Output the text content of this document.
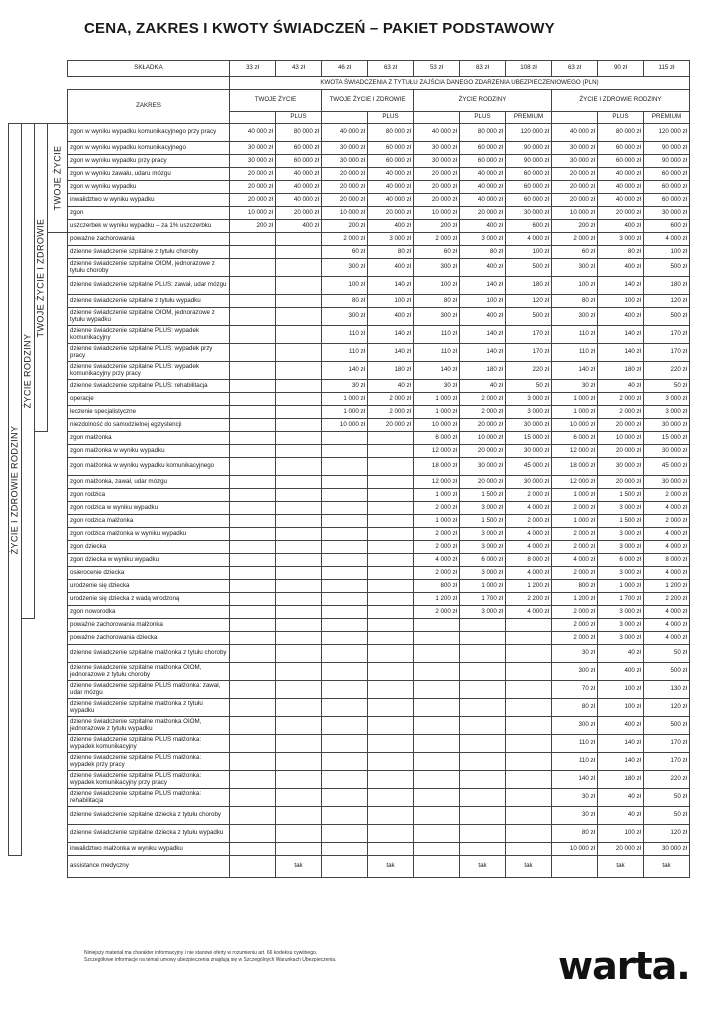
CENA, ZAKRES I KWOTY ŚWIADCZEŃ – PAKIET PODSTAWOWY
				SKŁADKA	33 zł	43 zł	46 zł	63 zł	53 zł	83 zł	108 zł	63 zł	90 zł	115 zł
					KWOTA ŚWIADCZENIA Z TYTUŁU ZAJŚCIA DANEGO ZDARZENIA UBEZPIECZENIOWEGO (PLN)									
				ZAKRES	TWOJE ŻYCIE		TWOJE ŻYCIE I ZDROWIE		ŻYCIE RODZINY			ŻYCIE I ZDROWIE RODZINY		
						PLUS		PLUS		PLUS	PREMIUM		PLUS	PREMIUM

ŻYCIE I ZDROWIE RODZINY	ŻYCIE RODZINY	TWOJE ŻYCIE I ZDROWIE	TWOJE ŻYCIE	zgon w wyniku wypadku komunikacyjnego przy pracy	40 000 zł	80 000 zł	40 000 zł	80 000 zł	40 000 zł	80 000 zł	120 000 zł	40 000 zł	80 000 zł	120 000 zł
				zgon w wyniku wypadku komunikacyjnego	30 000 zł	60 000 zł	30 000 zł	60 000 zł	30 000 zł	60 000 zł	90 000 zł	30 000 zł	60 000 zł	90 000 zł
				zgon w wyniku wypadku przy pracy	30 000 zł	60 000 zł	30 000 zł	60 000 zł	30 000 zł	60 000 zł	90 000 zł	30 000 zł	60 000 zł	90 000 zł
				zgon w wyniku zawału, udaru mózgu	20 000 zł	40 000 zł	20 000 zł	40 000 zł	20 000 zł	40 000 zł	60 000 zł	20 000 zł	40 000 zł	60 000 zł
				zgon w wyniku wypadku	20 000 zł	40 000 zł	20 000 zł	40 000 zł	20 000 zł	40 000 zł	60 000 zł	20 000 zł	40 000 zł	60 000 zł
				inwalidztwo w wyniku wypadku	20 000 zł	40 000 zł	20 000 zł	40 000 zł	20 000 zł	40 000 zł	60 000 zł	20 000 zł	40 000 zł	60 000 zł
				zgon	10 000 zł	20 000 zł	10 000 zł	20 000 zł	10 000 zł	20 000 zł	30 000 zł	10 000 zł	20 000 zł	30 000 zł
				uszczerbek w wyniku wypadku – za 1% uszczerbku	200 zł	400 zł	200 zł	400 zł	200 zł	400 zł	600 zł	200 zł	400 zł	600 zł
				poważne zachorowania			2 000 zł	3 000 zł	2 000 zł	3 000 zł	4 000 zł	2 000 zł	3 000 zł	4 000 zł
				dzienne świadczenie szpitalne z tytułu choroby			60 zł	80 zł	60 zł	80 zł	100 zł	60 zł	80 zł	100 zł
				dzienne świadczenie szpitalne OIOM, jednorazowe z tytułu choroby			300 zł	400 zł	300 zł	400 zł	500 zł	300 zł	400 zł	500 zł
				dzienne świadczenie szpitalne PLUS: zawał, udar mózgu			100 zł	140 zł	100 zł	140 zł	180 zł	100 zł	140 zł	180 zł
				dzienne świadczenie szpitalne z tytułu wypadku			80 zł	100 zł	80 zł	100 zł	120 zł	80 zł	100 zł	120 zł
				dzienne świadczenie szpitalne OIOM, jednorazowe z tytułu wypadku			300 zł	400 zł	300 zł	400 zł	500 zł	300 zł	400 zł	500 zł
				dzienne świadczenie szpitalne PLUS: wypadek komunikacyjny			110 zł	140 zł	110 zł	140 zł	170 zł	110 zł	140 zł	170 zł
				dzienne świadczenie szpitalne PLUS: wypadek przy pracy			110 zł	140 zł	110 zł	140 zł	170 zł	110 zł	140 zł	170 zł
				dzienne świadczenie szpitalne PLUS: wypadek komunikacyjny przy pracy			140 zł	180 zł	140 zł	180 zł	220 zł	140 zł	180 zł	220 zł
				dzienne świadczenie szpitalne PLUS: rehabilitacja			30 zł	40 zł	30 zł	40 zł	50 zł	30 zł	40 zł	50 zł
				operacje			1 000 zł	2 000 zł	1 000 zł	2 000 zł	3 000 zł	1 000 zł	2 000 zł	3 000 zł
				leczenie specjalistyczne			1 000 zł	2 000 zł	1 000 zł	2 000 zł	3 000 zł	1 000 zł	2 000 zł	3 000 zł
				niezdolność do samodzielnej egzystencji			10 000 zł	20 000 zł	10 000 zł	20 000 zł	30 000 zł	10 000 zł	20 000 zł	30 000 zł
				zgon małżonka					6 000 zł	10 000 zł	15 000 zł	6 000 zł	10 000 zł	15 000 zł
				zgon małżonka w wyniku wypadku					12 000 zł	20 000 zł	30 000 zł	12 000 zł	20 000 zł	30 000 zł
				zgon małżonka w wyniku wypadku komunikacyjnego					18 000 zł	30 000 zł	45 000 zł	18 000 zł	30 000 zł	45 000 zł
				zgon małżonka, zawał, udar mózgu					12 000 zł	20 000 zł	30 000 zł	12 000 zł	20 000 zł	30 000 zł
				zgon rodzica					1 000 zł	1 500 zł	2 000 zł	1 000 zł	1 500 zł	2 000 zł
				zgon rodzica w wyniku wypadku					2 000 zł	3 000 zł	4 000 zł	2 000 zł	3 000 zł	4 000 zł
				zgon rodzica małżonka					1 000 zł	1 500 zł	2 000 zł	1 000 zł	1 500 zł	2 000 zł
				zgon rodzica małżonka w wyniku wypadku					2 000 zł	3 000 zł	4 000 zł	2 000 zł	3 000 zł	4 000 zł
				zgon dziecka					2 000 zł	3 000 zł	4 000 zł	2 000 zł	3 000 zł	4 000 zł
				zgon dziecka w wyniku wypadku					4 000 zł	6 000 zł	8 000 zł	4 000 zł	6 000 zł	8 000 zł
				osierocenie dziecka					2 000 zł	3 000 zł	4 000 zł	2 000 zł	3 000 zł	4 000 zł
				urodzenie się dziecka					800 zł	1 000 zł	1 200 zł	800 zł	1 000 zł	1 200 zł
				urodzenie się dziecka z wadą wrodzoną					1 200 zł	1 700 zł	2 200 zł	1 200 zł	1 700 zł	2 200 zł
				zgon noworodka					2 000 zł	3 000 zł	4 000 zł	2 000 zł	3 000 zł	4 000 zł
				poważne zachorowania małżonka								2 000 zł	3 000 zł	4 000 zł
				poważne zachorowania dziecka								2 000 zł	3 000 zł	4 000 zł
				dzienne świadczenie szpitalne małżonka z tytułu choroby								30 zł	40 zł	50 zł
				dzienne świadczenie szpitalne małżonka OIOM, jednorazowe z tytułu choroby								300 zł	400 zł	500 zł
				dzienne świadczenie szpitalne PLUS małżonka: zawał, udar mózgu								70 zł	100 zł	130 zł
				dzienne świadczenie szpitalne małżonka z tytułu wypadku								80 zł	100 zł	120 zł
				dzienne świadczenie szpitalne małżonka OIOM, jednorazowe z tytułu wypadku								300 zł	400 zł	500 zł
				dzienne świadczenie szpitalne PLUS małżonka: wypadek komunikacyjny								110 zł	140 zł	170 zł
				dzienne świadczenie szpitalne PLUS małżonka: wypadek przy pracy								110 zł	140 zł	170 zł
				dzienne świadczenie szpitalne PLUS małżonka: wypadek komunikacyjny przy pracy								140 zł	180 zł	220 zł
				dzienne świadczenie szpitalne PLUS małżonka: rehabilitacja								30 zł	40 zł	50 zł
				dzienne świadczenie szpitalne dziecka z tytułu choroby								30 zł	40 zł	50 zł
				dzienne świadczenie szpitalne dziecka z tytułu wypadku								80 zł	100 zł	120 zł
				inwalidztwo małżonka w wyniku wypadku								10 000 zł	20 000 zł	30 000 zł
				assistance medyczny		tak		tak		tak	tak		tak	tak
Niniejszy materiał ma charakter informacyjny i nie stanowi oferty w rozumieniu art. 66 kodeksu cywilnego.
Szczegółowe informacje na temat umowy ubezpieczenia znajdują się w Szczególnych Warunkach Ubezpieczenia.	warta.
